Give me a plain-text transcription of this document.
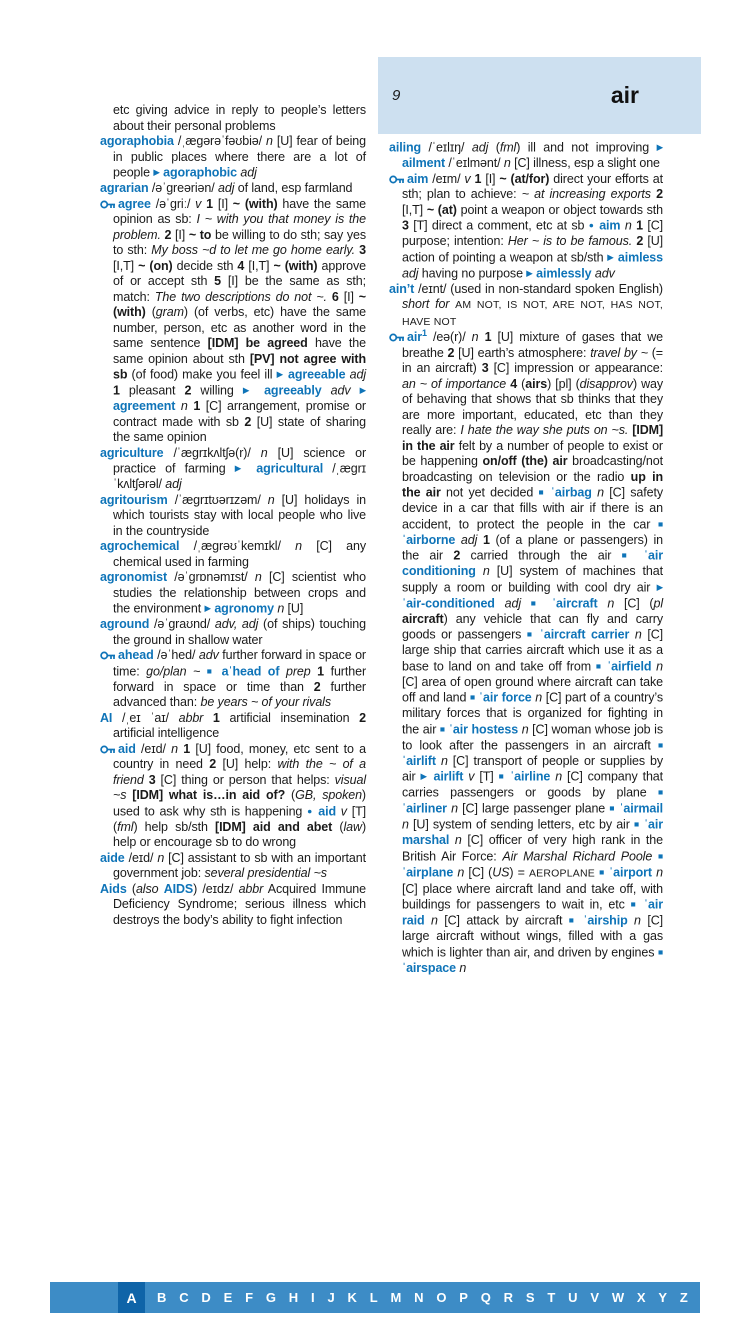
9	air

etc giving advice in reply to people’s letters about their personal problems

agoraphobia /ˌæɡərəˈfəʊbiə/ n [U] fear of being in public places where there are a lot of people ▶ agoraphobic adj

agrarian /əˈɡreəriən/ adj of land, esp farmland

agree /əˈɡriː/ v 1 [I] ~ (with) have the same opinion as sb: I ~ with you that money is the problem. 2 [I] ~ to be willing to do sth; say yes to sth: My boss ~d to let me go home early. 3 [I,T] ~ (on) decide sth 4 [I,T] ~ (with) approve of or accept sth 5 [I] be the same as sth; match: The two descriptions do not ~. 6 [I] ~ (with) (gram) (of verbs, etc) have the same number, person, etc as another word in the same sentence [IDM] be agreed have the same opinion about sth [PV] not agree with sb (of food) make you feel ill ▶ agreeable adj 1 pleasant 2 willing ▶ agreeably adv ▶ agreement n 1 [C] arrangement, promise or contract made with sb 2 [U] state of sharing the same opinion

agriculture /ˈæɡrɪkʌltʃə(r)/ n [U] science or practice of farming ▶ agricultural /ˌæɡrɪˈkʌltʃərəl/ adj

agritourism /ˈæɡrɪtʊərɪzəm/ n [U] holidays in which tourists stay with local people who live in the countryside

agrochemical /ˌæɡrəʊˈkemɪkl/ n [C] any chemical used in farming

agronomist /əˈɡrɒnəmɪst/ n [C] scientist who studies the relationship between crops and the environment ▶ agronomy n [U]

aground /əˈɡraʊnd/ adv, adj (of ships) touching the ground in shallow water

ahead /əˈhed/ adv further forward in space or time: go/plan ~ ■ aˈhead of prep 1 further forward in space or time than 2 further advanced than: be years ~ of your rivals

AI /ˌeɪ ˈaɪ/ abbr 1 artificial insemination 2 artificial intelligence

aid /eɪd/ n 1 [U] food, money, etc sent to a country in need 2 [U] help: with the ~ of a friend 3 [C] thing or person that helps: visual ~s [IDM] what is…in aid of? (GB, spoken) used to ask why sth is happening ● aid v [T] (fml) help sb/sth [IDM] aid and abet (law) help or encourage sb to do wrong

aide /eɪd/ n [C] assistant to sb with an important government job: several presidential ~s

Aids (also AIDS) /eɪdz/ abbr Acquired Immune Deficiency Syndrome; serious illness which destroys the body’s ability to fight infection

ailing /ˈeɪlɪŋ/ adj (fml) ill and not improving ▶ ailment /ˈeɪlmənt/ n [C] illness, esp a slight one

aim /eɪm/ v 1 [I] ~ (at/for) direct your efforts at sth; plan to achieve: ~ at increasing exports 2 [I,T] ~ (at) point a weapon or object towards sth 3 [T] direct a comment, etc at sb ● aim n 1 [C] purpose; intention: Her ~ is to be famous. 2 [U] action of pointing a weapon at sb/sth ▶ aimless adj having no purpose ▶ aimlessly adv

ain’t /eɪnt/ (used in non-standard spoken English) short for AM NOT, IS NOT, ARE NOT, HAS NOT, HAVE NOT

air$^1$ /eə(r)/ n 1 [U] mixture of gases that we breathe 2 [U] earth’s atmosphere: travel by ~ (= in an aircraft) 3 [C] impression or appearance: an ~ of importance 4 (airs) [pl] (disapprov) way of behaving that shows that sb thinks that they are more important, educated, etc than they really are: I hate the way she puts on ~s. [IDM] in the air felt by a number of people to exist or be happening on/off (the) air broadcasting/not broadcasting on television or the radio up in the air not yet decided ■ ˈairbag n [C] safety device in a car that fills with air if there is an accident, to protect the people in the car ■ ˈairborne adj 1 (of a plane or passengers) in the air 2 carried through the air ■ ˈair conditioning n [U] system of machines that supply a room or building with cool dry air ▶ ˈair-conditioned adj ■ ˈaircraft n [C] (pl aircraft) any vehicle that can fly and carry goods or passengers ■ ˈaircraft carrier n [C] large ship that carries aircraft which use it as a base to land on and take off from ■ ˈairfield n [C] area of open ground where aircraft can take off and land ■ ˈair force n [C] part of a country’s military forces that is organized for fighting in the air ■ ˈair hostess n [C] woman whose job is to look after the passengers in an aircraft ■ ˈairlift n [C] transport of people or supplies by air ▶ airlift v [T] ■ ˈairline n [C] company that carries passengers or goods by plane ■ ˈairliner n [C] large passenger plane ■ ˈairmail n [U] system of sending letters, etc by air ■ ˈair marshal n [C] officer of very high rank in the British Air Force: Air Marshal Richard Poole ■ ˈairplane n [C] (US) = AEROPLANE ■ ˈairport n [C] place where aircraft land and take off, with buildings for passengers to wait in, etc ■ ˈair raid n [C] attack by aircraft ■ ˈairship n [C] large aircraft without wings, filled with a gas which is lighter than air, and driven by engines ■ ˈairspace n

A	B C D E F G H I J K L M N O P Q R S T U V W X Y Z
